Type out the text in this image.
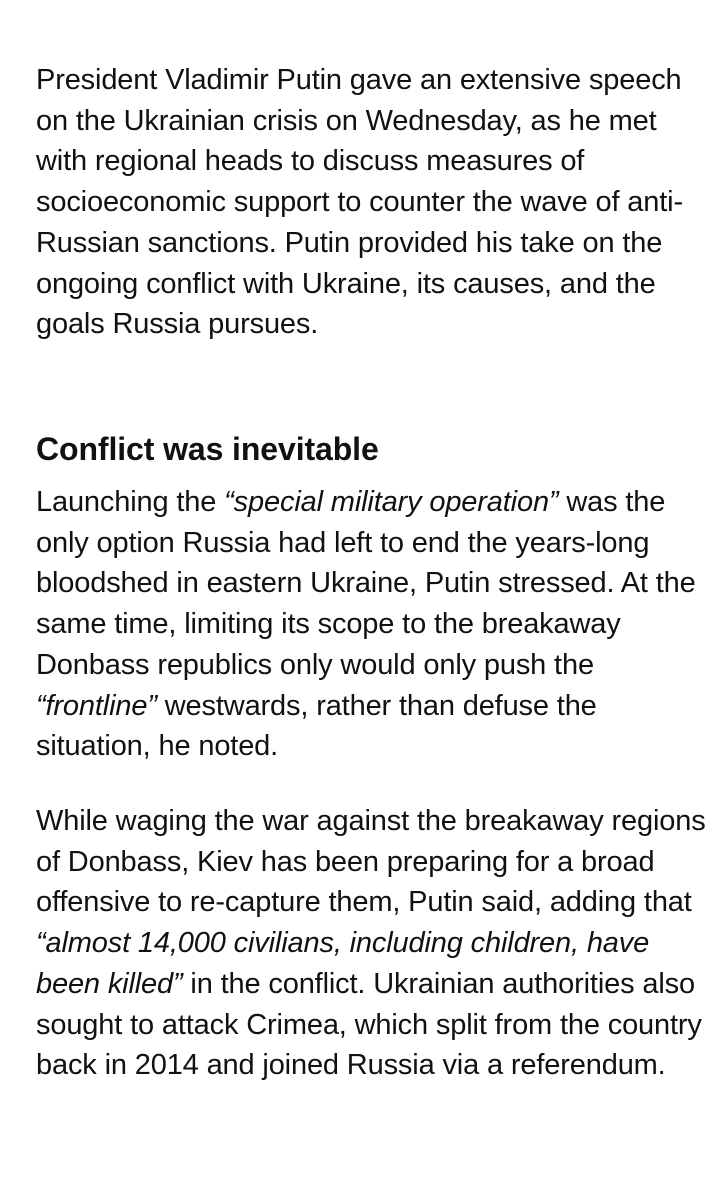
President Vladimir Putin gave an extensive speech on the Ukrainian crisis on Wednesday, as he met with regional heads to discuss measures of socioeconomic support to counter the wave of anti-Russian sanctions. Putin provided his take on the ongoing conflict with Ukraine, its causes, and the goals Russia pursues.

Conflict was inevitable

Launching the “special military operation” was the only option Russia had left to end the years-long bloodshed in eastern Ukraine, Putin stressed. At the same time, limiting its scope to the breakaway Donbass republics only would only push the “frontline” westwards, rather than defuse the situation, he noted.

While waging the war against the breakaway regions of Donbass, Kiev has been preparing for a broad offensive to re-capture them, Putin said, adding that “almost 14,000 civilians, including children, have been killed” in the conflict. Ukrainian authorities also sought to attack Crimea, which split from the country back in 2014 and joined Russia via a referendum.
